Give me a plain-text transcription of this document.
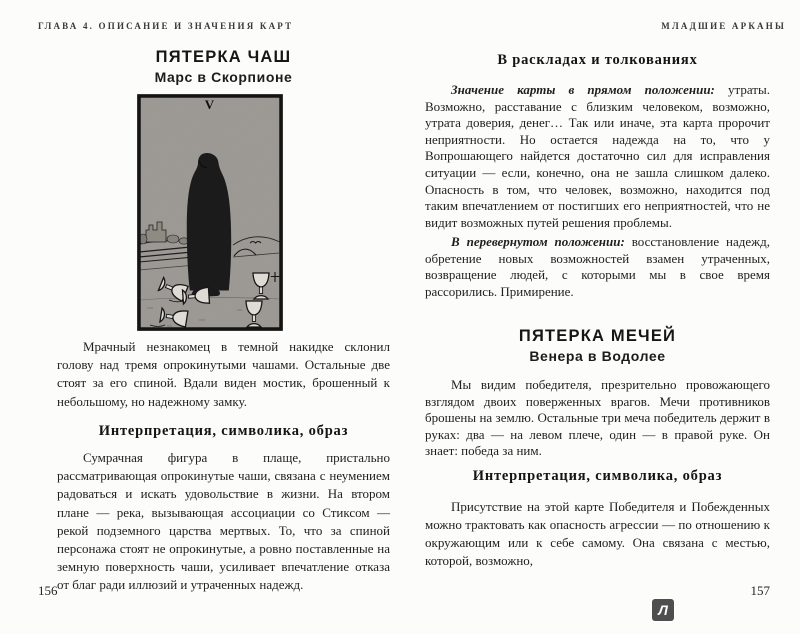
ГЛАВА 4. ОПИСАНИЕ И ЗНАЧЕНИЯ КАРТ	МЛАДШИЕ АРКАНЫ
ПЯТЕРКА ЧАШ
Марс в Скорпионе
V

Мрачный незнакомец в темной накидке склонил голову над тремя опрокинутыми чашами. Остальные две стоят за его спиной. Вдали виден мостик, брошенный к небольшому, но надежному замку.

Интерпретация, символика, образ

Сумрачная фигура в плаще, пристально рассматривающая опрокинутые чаши, связана с неумением радоваться и искать удовольствие в жизни. На втором плане — река, вызывающая ассоциации со Стиксом — рекой подземного царства мертвых. То, что за спиной персонажа стоят не опрокинутые, а ровно поставленные на земную поверхность чаши, усиливает впечатление отказа от благ ради иллюзий и утраченных надежд.

156
В раскладах и толкованиях

Значение карты в прямом положении: утраты. Возможно, расставание с близким человеком, возможно, утрата доверия, денег… Так или иначе, эта карта пророчит неприятности. Но остается надежда на то, что у Вопрошающего найдется достаточно сил для исправления ситуации — если, конечно, она не зашла слишком далеко. Опасность в том, что человек, возможно, находится под таким впечатлением от постигших его неприятностей, что не видит возможных путей решения проблемы.

В перевернутом положении: восстановление надежд, обретение новых возможностей взамен утраченных, возвращение людей, с которыми мы в свое время рассорились. Примирение.

ПЯТЕРКА МЕЧЕЙ
Венера в Водолее

Мы видим победителя, презрительно провожающего взглядом двоих поверженных врагов. Мечи противников брошены на землю. Остальные три меча победитель держит в руках: два — на левом плече, один — в правой руке. Он знает: победа за ним.

Интерпретация, символика, образ

Присутствие на этой карте Победителя и Побежденных можно трактовать как опасность агрессии — по отношению к окружающим или к себе самому. Она связана с местью, которой, возможно,

157
Л
